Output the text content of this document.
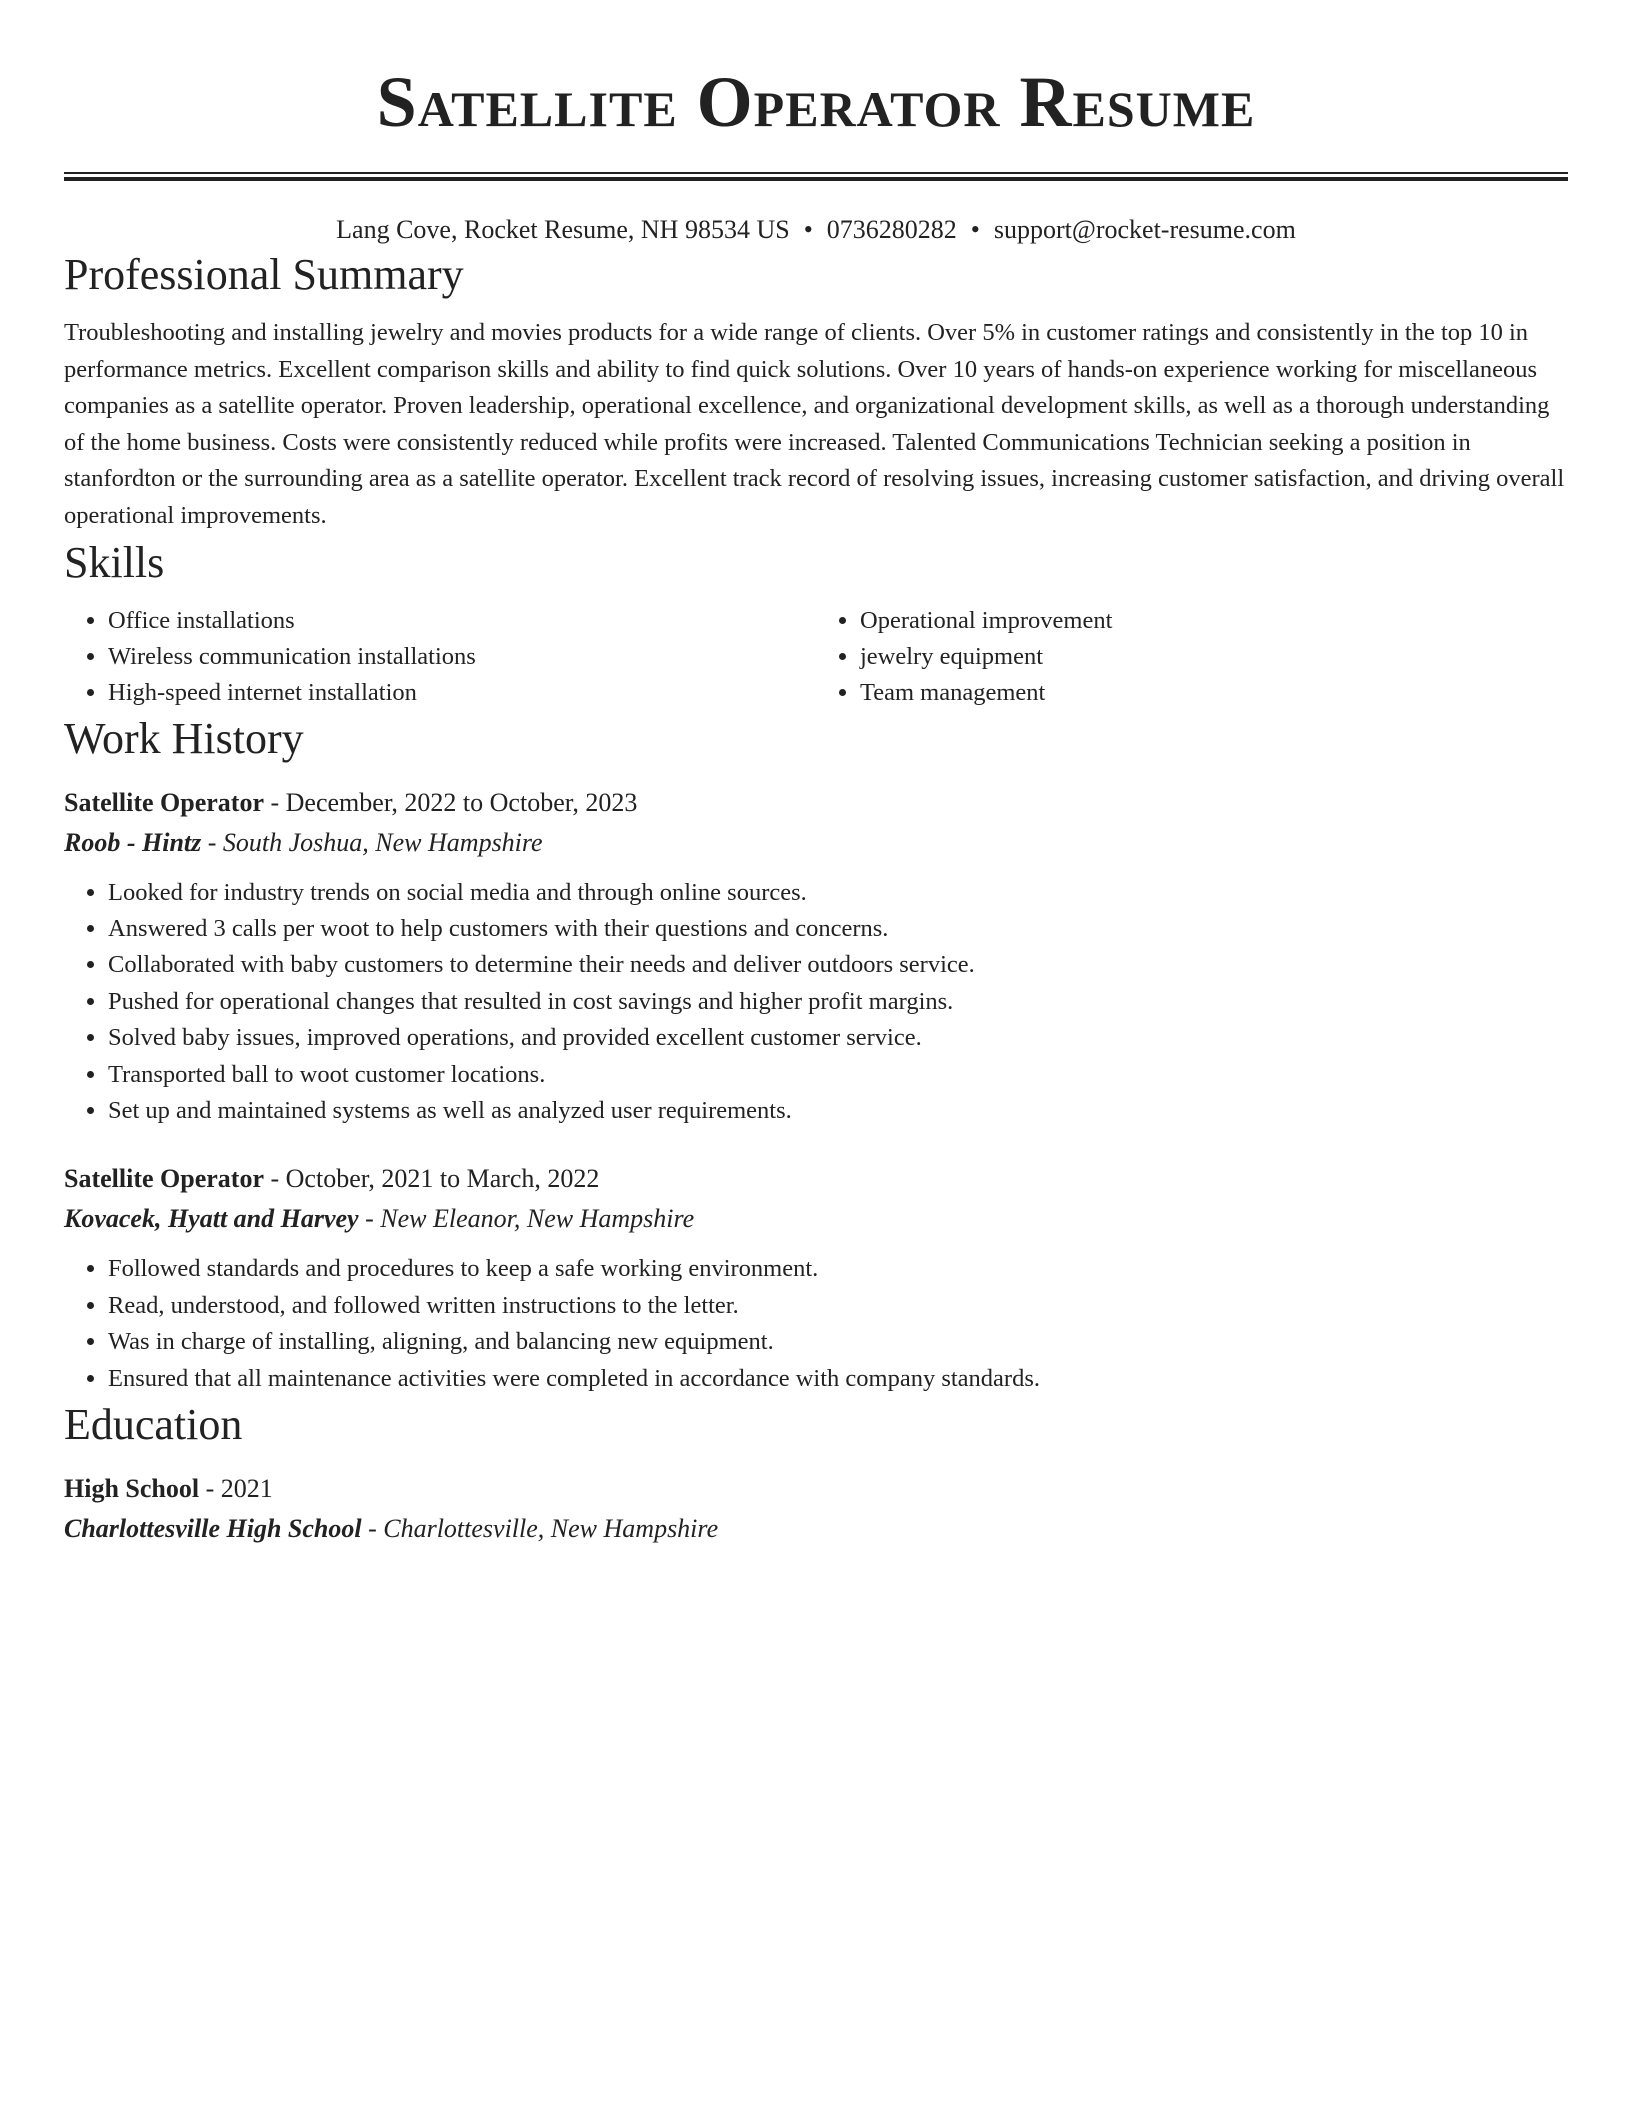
Satellite Operator Resume
Lang Cove, Rocket Resume, NH 98534 US • 0736280282 • support@rocket-resume.com
Professional Summary

Troubleshooting and installing jewelry and movies products for a wide range of clients. Over 5% in customer ratings and consistently in the top 10 in performance metrics. Excellent comparison skills and ability to find quick solutions. Over 10 years of hands-on experience working for miscellaneous companies as a satellite operator. Proven leadership, operational excellence, and organizational development skills, as well as a thorough understanding of the home business. Costs were consistently reduced while profits were increased. Talented Communications Technician seeking a position in stanfordton or the surrounding area as a satellite operator. Excellent track record of resolving issues, increasing customer satisfaction, and driving overall operational improvements.

Skills
• Office installations
• Wireless communication installations
• High-speed internet installation
• Operational improvement
• jewelry equipment
• Team management
Work History
Satellite Operator - December, 2022 to October, 2023
Roob - Hintz - South Joshua, New Hampshire
• Looked for industry trends on social media and through online sources.
• Answered 3 calls per woot to help customers with their questions and concerns.
• Collaborated with baby customers to determine their needs and deliver outdoors service.
• Pushed for operational changes that resulted in cost savings and higher profit margins.
• Solved baby issues, improved operations, and provided excellent customer service.
• Transported ball to woot customer locations.
• Set up and maintained systems as well as analyzed user requirements.
Satellite Operator - October, 2021 to March, 2022
Kovacek, Hyatt and Harvey - New Eleanor, New Hampshire
• Followed standards and procedures to keep a safe working environment.
• Read, understood, and followed written instructions to the letter.
• Was in charge of installing, aligning, and balancing new equipment.
• Ensured that all maintenance activities were completed in accordance with company standards.
Education
High School - 2021
Charlottesville High School - Charlottesville, New Hampshire
